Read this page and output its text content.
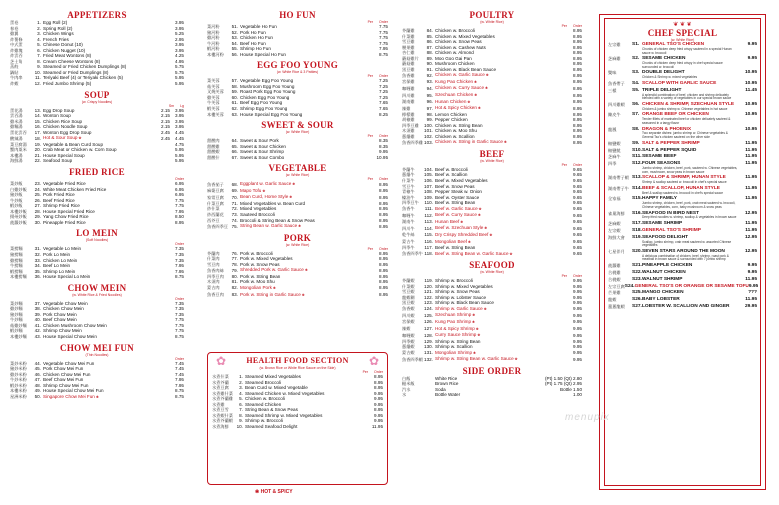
APPETIZERS
蛋卷	1. Egg Roll (2)	3.95
春卷	2. Spring Roll (2)	3.95
雞翼	3. Chicken Wings	5.25
炸薯條	4. French Fries	2.95
中式蛋	5. Chinese Donut (10)	3.95
炸雞塊	6. Chicken Nugget (10)	3.95
炸雲吞	7. Fried Meat Wontons (8)	4.25
芝士角	8. Cream Cheese Wontons (8)	4.95
蒸餃	9. Steamed or Fried Chicken Dumplings (8)	5.75
鍋貼	10. Steamed or Fried Dumplings (8)	5.75
牛肉串	11. Teriyaki Beef (4) or Teriyaki Chicken (5)	5.95
炸蝦	12. Fried Jumbo Shrimp (5)	5.95
SOUP
(w. Crispy Noodles)
Sm Lg
蛋花湯	13. Egg Drop Soup	2.15	3.95
雲吞湯	14. Wonton Soup	2.15	3.95
雞米湯	15. Chicken Rice Soup	2.15	3.95
雞麵湯	16. Chicken Noodle Soup	2.15	3.95
蛋花雲吞	17. Wonton Egg Drop Soup	2.45	4.45
酸辣湯	18. Hot & Sour Soup ❀	2.45	4.45
菜豆腐湯	19. Vegetable & Bean Curd Soup	4.75
蟹肉粟米	20. Crab Meat or Chicken w. Corn Soup	5.95
本樓湯	21. House Special Soup	5.95
海鮮湯	22. Seafood Soup	5.95
FRIED RICE
Order
菜炒飯	23. Vegetable Fried Rice	6.95
白雞炒飯	24. White Meat Chicken Fried Rice	6.95
豬炒飯	25. Pork Fried Rice	6.95
牛炒飯	26. Beef Fried Rice	7.75
蝦炒飯	27. Shrimp Fried Rice	7.75
本樓炒飯	28. House Special Fried Rice	7.95
揚州炒飯	29. Yang Chow Fried Rice	8.50
菠蘿炒飯	30. Pineapple Fried Rice	8.95
LO MEIN
(Soft Noodles)
Order
菜撈麵	31. Vegetable Lo Mein	7.35
豬撈麵	32. Pork Lo Mein	7.35
雞撈麵	33. Chicken Lo Mein	7.35
牛撈麵	34. Beef Lo Mein	7.95
蝦撈麵	35. Shrimp Lo Mein	7.95
本樓撈麵	36. House Special Lo Mein	8.75
CHOW MEIN
(w. White Rice & Fried Noodles)
Order
菜炒麵	37. Vegetable Chow Mein	7.35
雞炒麵	38. Chicken Chow Mein	7.35
豬炒麵	39. Pork Chow Mein	7.35
牛炒麵	40. Beef Chow Mein	7.75
菇雞炒麵	41. Chicken Mushroom Chow Mein	7.75
蝦炒麵	42. Shrimp Chow Mein	7.75
本樓炒麵	43. House Special Chow Mein	8.75
CHOW MEI FUN
(Thin Noodles)
Order
菜炒米粉	44. Vegetable Chow Mei Fun	7.45
豬炒米粉	45. Pork Chow Mei Fun	7.45
雞炒米粉	46. Chicken Chow Mei Fun	7.45
牛炒米粉	47. Beef Chow Mei Fun	7.95
蝦炒米粉	48. Shrimp Chow Mei Fun	7.95
本樓米粉	49. House Special Chow Mei Fun	8.75
星洲米粉	50. Singapore Chow Mei Fun ❀	8.75
HO FUN
Per Order
菜河粉	51. Vegetable Ho Fun	7.75
豬河粉	52. Pork Ho Fun	7.75
雞河粉	53. Chicken Ho Fun	7.75
牛河粉	54. Beef Ho Fun	7.75
蝦河粉	55. Shrimp Ho Fun	7.95
本樓河粉	56. House Special Ho Fun	8.75
EGG FOO YOUNG
(w. White Rice & 3 Patties)
Per Order
菜芙蓉	57. Vegetable Egg Foo Young	7.25
菇芙蓉	58. Mushroom Egg Foo Young	7.25
叉燒芙蓉	59. Roast Pork Egg Foo Young	7.25
雞芙蓉	60. Chicken Egg Foo Young	7.25
牛芙蓉	61. Beef Egg Foo Young	7.65
蝦芙蓉	62. Shrimp Egg Foo Young	7.65
本樓芙蓉	63. House Special Egg Foo Young	8.25
SWEET & SOUR
(w. White Rice)
Per Order
甜酸肉	64. Sweet & Sour Pork	8.35
甜酸雞	65. Sweet & Sour Chicken	8.35
甜酸蝦	66. Sweet & Sour Shrimp	9.95
甜酸什	67. Sweet & Sour Combo	10.95
VEGETABLE
(w. White Rice)
Per Order
魚香茄子	68. Eggplant w. Garlic Sauce ❀	8.95
麻婆豆腐	69. Mapo Tofu ❀	8.95
家常豆腐	70. Bean Curd, Home Style ❀	8.95
什菜豆腐	71. Mixed Vegetables w. Bean Curd	8.95
炒什菜	72. Mixed Vegetables	8.95
炒西蘭花	73. Sauteed Broccoli	8.95
西芥豆	74. Broccoli & String Bean & Snow Peas	8.95
魚香四季豆 75. String Bean w. Garlic Sauce ❀	8.95
PORK
(w. White Rice)
Per Order
芥蘭肉	76. Pork w. Broccoli	8.95
什菜肉	77. Pork w. Mixed Vegetables	8.95
雪豆肉	78. Pork w. Snow Peas	8.95
魚香肉絲	79. Shredded Pork w. Garlic Sauce ❀	8.95
四季豆肉	80. Pork w. String Bean	8.95
木須肉	81. Pork w. Moo Shu	8.95
蒙古肉	82. Mongolian Pork ❀	8.95
魚香豆肉	83. Pork w. String in Garlic Sauce ❀	8.95
✿	✿
HEALTH FOOD SECTION
(w. Brown Rice or White Rice Sauce on the Side)
Per Order
水煮什菜	1. Steamed Mixed Vegetables	8.95
水煮芥蘭	2. Steamed Broccoli	8.95
水煮豆腐	3. Bean Curd w. Mixed Vegetable	8.95
水煮雞什菜	4. Steamed Chicken w. Mixed Vegetables	9.95
水煮芥蘭雞	5. Chicken w. Broccoli	9.95
水煮雞	6. Steamed Chicken	9.95
水煮豆雪	7. String Bean & Snow Peas	8.95
水煮蝦什菜	8. Steamed Shrimp w. Mixed Vegetables	9.95
水煮芥蘭蝦	9. Shrimp w. Broccoli	9.95
水煮海鮮	10. Steamed Seafood Delight	11.95
❀ HOT & SPICY
POULTRY
(w. White Rice)
Per Order
芥蘭雞	84. Chicken w. Broccoli	8.95
什菜雞	85. Chicken w. Mixed Vegetables	8.95
雪豆雞	86. Chicken w. Snow Peas	8.95
腰果雞	87. Chicken w. Cashew Nuts	8.95
杏仁雞	88. Chicken w. Almond	8.95
蘑菇雞片	89. Moo Goo Gai Pan	8.95
蘑菇雞	90. Mushroom Chicken	8.95
黑豆雞	91. Chicken w. Black Bean Sauce	8.95
魚香雞	92. Chicken w. Garlic Sauce ❀	8.95
宮保雞	93. Kung Pao Chicken ❀	8.95
咖喱雞	94. Chicken w. Curry Sauce ❀	8.95
四川雞	95. Szechuan Chicken ❀	8.95
湖南雞	96. Hunan Chicken ❀	8.95
辣雞	97. Hot & Spicy Chicken ❀	8.95
檸檬雞	98. Lemon Chicken	8.95
胡椒雞	99. Pepper Chicken	8.95
四季豆雞	100. Chicken w. String Bean	8.95
木須雞	101. Chicken w. Moo Shu	8.95
蔥爆雞	102. Chicken w. Scallion	8.95
魚香四季雞 103. Chicken w. String in Garlic Sauce ❀	8.95
BEEF
(w. White Rice)
Per Order
芥蘭牛	104. Beef w. Broccoli	9.65
蔥爆牛	105. Beef w. Scallion	9.65
什菜牛	106. Beef w. Mixed Vegetables	9.65
雪豆牛	107. Beef w. Snow Peas	9.65
青椒牛	108. Pepper Steak w. Onion	9.65
蠔油牛	109. Beef w. Oyster Sauce	9.65
四季豆牛	110. Beef w. String Bean	9.65
魚香牛	111. Beef w. Garlic Sauce ❀	9.65
咖喱牛	112. Beef w. Curry Sauce ❀	9.65
湖南牛	113. Hunan Beef ❀	9.65
四川牛	114. Beef w. Szechuan Style ❀	9.65
乾牛絲	115. Dry Crispy Shredded Beef ❀	9.65
蒙古牛	116. Mongolian Beef ❀	9.65
四季牛	117. Beef w. String Bean	9.65
魚香四季牛 118. Beef w. String Bean w. Garlic Sauce ❀	9.65
SEAFOOD
(w. White Rice)
Per Order
芥蘭蝦	119. Shrimp w. Broccoli	9.95
什菜蝦	120. Shrimp w. Mixed Vegetables	9.95
雪豆蝦	121. Shrimp w. Snow Peas	9.95
龍蝦糊	122. Shrimp w. Lobster Sauce	9.95
黑豆蝦	123. Shrimp w. Black Bean Sauce	9.95
魚香蝦	124. Shrimp w. Garlic Sauce ❀	9.95
四川蝦	125. Szechuan Shrimp ❀	9.95
宮保蝦	126. Kung Pao Shrimp ❀	9.95
辣蝦	127. Hot & Spicy Shrimp ❀	9.95
咖喱蝦	128. Curry Sauce Shrimp ❀	9.95
四季蝦	129. Shrimp w. String Bean	9.95
蔥爆蝦	130. Shrimp w. Scallion	9.95
蒙古蝦	131. Mongolian Shrimp ❀	9.95
魚香四季蝦 132. Shrimp w. String Bean w. Garlic Sauce ❀	9.95
SIDE ORDER
白飯	White Rice	(Pt) 1.50 (Qt) 2.80
糙米飯	Brown Rice	(Pt) 1.75 (Qt) 2.95
汽水	Soda	Bottle 1.50
水	Bottle Water	1.00
❦ ❦ ❦
CHEF SPECIAL
(w. White Rice)
左宗雞	S1. GENERAL TSO'S CHICKEN	9.95
Chunks of chicken deep fried crispy sauteed in a special Hunan sauce w. broccoli
芝麻雞	S2. SESAME CHICKEN	9.95
Chunks of chicken deep fried crispy in chef special sauce surrounded w. broccoli
雙味	S3. DOUBLE DELIGHT	10.95
Chicken & Shrimp w. mixed vegetables
魚香帶子	S4. SCALLOP WITH GARLIC SAUCE	10.95
三樣	S5. TRIPLE DELIGHT	11.45
A splendid combination of beef, chicken and shrimp delicately blended with a variety of vegetables in our special brown sauce
四川雞蝦	S6. CHICKEN & SHRIMP, SZECHUAN STYLE	10.95
Chicken & jumbo shrimp w. Chinese vegetables in hot sauce
陳皮牛	S7. ORANGE BEEF OR CHICKEN	10.95
Tender fillets of marinated beef or chicken delicately sauteed & seasoned in a tangy flavor
龍鳳	S8. DRAGON & PHOENIX	10.95
Two separate dishes: jumbo shrimp w. Chinese vegetables & General Tso's chicken sauteed on the other side
椒鹽蝦	S9. SALT & PEPPER SHRIMP	11.95
椒鹽魷	S10. SALT & PEPPER SQUID	11.95
芝麻牛	S11. SESAME BEEF	11.95
四季	S12. FOUR SEASONS	11.95
Jumbo shrimp, chicken, beef, pork, sauteed w. Chinese vegetables, corn, mushroom, snow peas in brown sauce
湖南帶子蝦 S13. SCALLOP & SHRIMP, HUNAN STYLE	11.95
Shrimp & scallop sauteed w. broccoli in chef's special sauce
湖南帶子牛 S14. BEEF & SCALLOP, HUNAN STYLE	11.95
Beef & scallop sauteed w. broccoli in chef's special sauce
全家福	S15. HAPPY FAMILY	11.95
Jumbo shrimp, chicken, beef, pork, crab meat sauteed w. broccoli, Chinese vegetables, corn, baby mushroom & snow peas
雀巢海鮮	S16. SEAFOOD IN BIRD NEST	12.95
Deep fried noodles w. shrimp, scallop & vegetables in brown sauce
芝麻蝦	S17. SESAME SHRIMP	11.95
左宗蝦	S18. GENERAL TSO'S SHRIMP	11.95
海鮮大會	S19. SEAFOOD DELIGHT	12.95
Scallop, jumbo shrimp, crab meat sauteed w. assorted Chinese vegetables
七星伴月	S20. SEVEN STARS AROUND THE MOON	12.95
A delicious combination of chicken, beef, shrimp, roast pork & meatball in brown sauce & surrounded with 7 jumbo shrimp
菠蘿雞	S21. PINEAPPLE CHICKEN	9.95
合桃雞	S22. WALNUT CHICKEN	9.95
合桃蝦	S23. WALNUT SHRIMP	11.95
左宗豆腐 S24. GENERAL TSO'S OR ORANGE OR SESAME TOFU 9.95
芒果雞	S25. MANGO CHICKEN	???
龍蝦	S26. BABY LOBSTER	11.95
薑蔥龍蝦	S27. LOBSTER W. SCALLION AND GINGER	29.95
menupix
